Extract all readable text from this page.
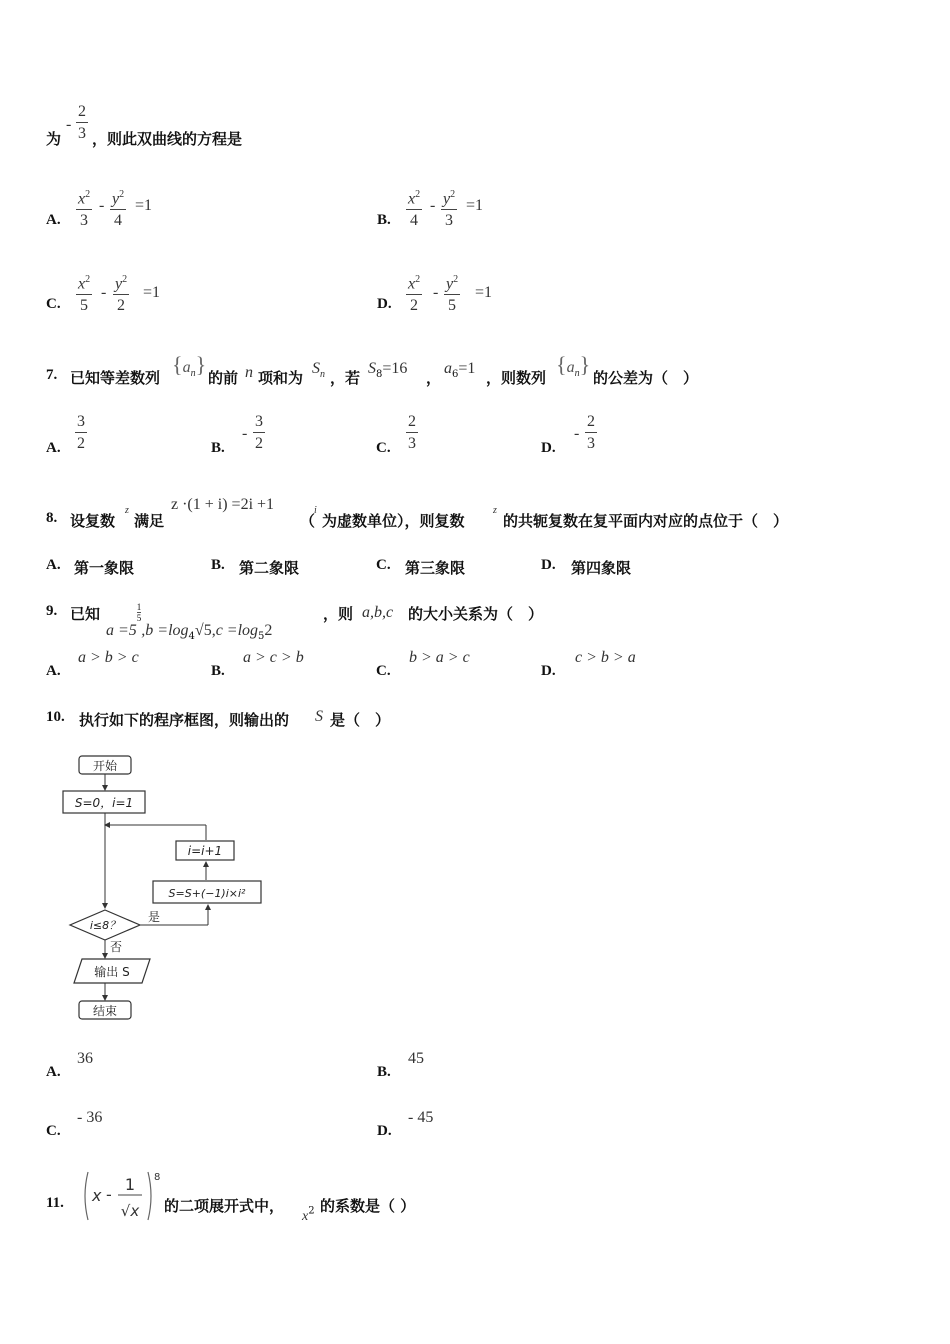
为
- $\frac{2}{3}$ ，则此双曲线的方程是
A. $\frac{x^2}{3} - \frac{y^2}{4} =1$
B. $\frac{x^2}{4} - \frac{y^2}{3} =1$
C. $\frac{x^2}{5} - \frac{y^2}{2} =1$
D. $\frac{x^2}{2} - \frac{y^2}{5} =1$
7. 已知等差数列
$\{a_n\}$
的前 n 项和为
$S_n$ ，若
$S_8=16$
，
$a_6=1$
，则数列
$\{a_n\}$
的公差为（　）
A. $\frac{3}{2}$	B.
- $\frac{3}{2}$	C. $\frac{2}{3}$	D.
- $\frac{2}{3}$
8. 设复数
z
满足
z ·(1 + i) =2i +1
（
i
为虚数单位），则复数
z
的共轭复数在复平面内对应的点位于（　）
A. 第一象限	B. 第二象限	C. 第三象限	D. 第四象限
9. 已知
a =5
$\frac{1}{5}$
$,b =\log_4√5,c =\log_52$
，则 a,b,c 的大小关系为（　）
A.
a > b > c
B.
a > c > b
C.
b > a > c
D.
c > b > a
10. 执行如下的程序框图，则输出的 S 是（　）
开始
S=0，i=1
i=i+1
S=S+(−1)i×i²
是
i≤8？
否
输出 S
结束
A.
36
B.
45
C.
- 36
D.
- 45
11. x -
1
√x
8
的二项展开式中，
$x^2$ 的系数是（ ）
